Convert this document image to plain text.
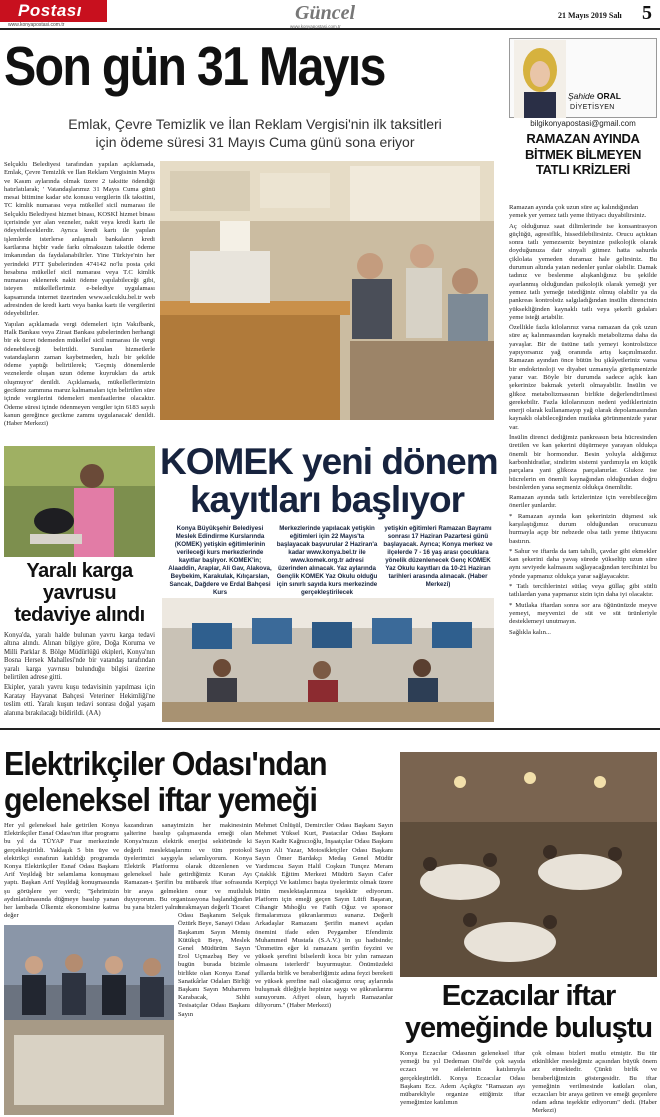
Postası
www.konyapostasi.com.tr
Güncel
www.konyapostasi.com.tr
21 Mayıs 2019 Salı 5
Son gün 31 Mayıs
Emlak, Çevre Temizlik ve İlan Reklam Vergisi'nin ilk taksitleri
için ödeme süresi 31 Mayıs Cuma günü sona eriyor

Selçuklu Belediyesi tarafından yapılan açıklamada, Emlak, Çevre Temizlik ve İlan Reklam Vergisinin Mayıs ve Kasım aylarında olmak üzere 2 taksitte ödendiği hatırlatılarak; ' Vatandaşlarımız 31 Mayıs Cuma günü mesai bitimine kadar söz konusu vergilerin ilk taksitini, TC kimlik numarası veya mükellef sicil numarası ile Selçuklu Belediyesi hizmet binası, KOSKİ hizmet binası içerisinde yer alan vezneler, nakit veya kredi kartı ile ödeyebileceklerdir. Ayrıca kredi kartı ile yapılan işlemlerde isterlerse anlaşmalı bankaların kredi kartlarına hiçbir vade farkı olmaksızın taksitle ödeme imkanından da faydalanabilirler. Yine Türkiye'nin her yerindeki PTT Şubelerinden 474142 no'lu posta çeki hesabına mükellef sicil numarası veya T.C kimlik numarası eklenerek nakit ödeme yapılabileceği gibi, isteyen mükelleflerimiz e-belediye uygulaması kapsamında internet üzerinden www.selcuklu.bel.tr web adresinden de kredi kartı veya banka kartı ile vergilerini ödeyebilirler.

Yapılan açıklamada vergi ödemeleri için Vakıfbank, Halk Bankası veya Ziraat Bankası şubelerinden herhangi bir ek ücret ödemeden mükellef sicil numarası ile vergi ödenebileceği belirtildi. Sunulan hizmetlerle vatandaşların zaman kaybetmeden, hızlı bir şekilde ödeme yaptığı belirtilerek; 'Geçmiş dönemlerde veznelerde oluşan uzun ödeme kuyrukları da artık oluşmuyor' denildi. Açıklamada, mükelleflerimizin gecikme zammına maruz kalmamaları için belirtilen süre içinde vergilerini ödemeleri menfaatlerine olacaktır. Ödeme süresi içinde ödenmeyen vergiler için 6183 sayılı kanun gereğince gecikme zammı uygulanacak' denildi. (Haber Merkezi)

KOMEK yeni dönem
kayıtları başlıyor
Konya Büyükşehir Belediyesi Meslek Edindirme Kurslarında (KOMEK) yetişkin eğitimlerinin verileceği kurs merkezlerinde kayıtlar başlıyor. KOMEK'in; Alaaddin, Araplar, Ali Gav, Alakova, Beybekim, Karakulak, Kılıçarslan, Sancak, Dağdere ve Erdal Bahçesi Kurs
Merkezlerinde yapılacak yetişkin eğitimleri için 22 Mayıs'ta başlayacak başvurular 2 Haziran'a kadar www.konya.bel.tr ile www.komek.org.tr adresi üzerinden alınacak. Yaz aylarında Gençlik KOMEK Yaz Okulu olduğu için sınırlı sayıda kurs merkezinde gerçekleştirilecek
yetişkin eğitimleri Ramazan Bayramı sonrası 17 Haziran Pazartesi günü başlayacak. Ayrıca; Konya merkez ve ilçelerde 7 - 16 yaş arası çocuklara yönelik düzenlenecek Genç KOMEK Yaz Okulu kayıtları da 10-21 Haziran tarihleri arasında alınacak. (Haber Merkezi)
Yaralı karga
yavrusu
tedaviye alındı

Konya'da, yaralı halde bulunan yavru karga tedavi altına alındı. Alınan bilgiye göre, Doğa Koruma ve Milli Parklar 8. Bölge Müdürlüğü ekipleri, Konya'nın Bosna Hersek Mahallesi'nde bir vatandaş tarafından yaralı karga yavrusu bulunduğu bilgisi üzerine belirtilen adrese gitti.

Ekipler, yaralı yavru kuşu tedavisinin yapılması için Karatay Hayvanat Bahçesi Veteriner Hekimliği'ne teslim etti. Yaralı kuşun tedavi sonrası doğal yaşam alanına bırakılacağı bildirildi. (AA)

Şahide ORAL
DİYETİSYEN
bilgikonyapostasi@gmail.com
RAMAZAN AYINDA
BİTMEK BİLMEYEN
TATLI KRİZLERİ

Ramazan ayında çok uzun süre aç kalındığından

yemek yer yemez tatlı yeme ihtiyacı duyabilirsiniz.

Aç olduğunuz saat dilimlerinde ise konsantrasyon güçlüğü, agresiflik, hissedilebilirsiniz. Orucu açtıktan sonra tatlı yemezseniz beyninize psikolojik olarak doyduğunuza dair sinyali gitmez hatta sahurda çiklolata yemeden duramaz hale gelirsiniz. Bu durumun altında yatan nedenler şunlar olabilir. Damak tadınız ve beslenme alışkanlığınız bu şekilde ayarlanmış olduğundan psikolojik olarak yemeği yer yemez tatlı yemeğe istediğiniz olmuş olabilir ya da pankreas kontrolsüz salgıladığından insülin direncinin yüksekliğinden kaynaklı tatlı veya şekerli gıdaları yeme isteği artabilir.

Özellikle fazla kilolarınız varsa ramazan da çok uzun süre aç kalınmasından kaynaklı metabolizma daha da yavaşlar. Bir de üstüne tatlı yemeyi kontrolsüzce yapıyorsanız yağ oranında artış kaçınılmazdır. Ramazan ayından önce bütün bu şikâyetleriniz varsa bir endokrinoloji ve diyabet uzmanıyla görüşmenizde yarar var. Böyle bir durumda sadece açlık kan şekerinize bakmak yeterli olmayabilir. İnsülin ve glikoz metabolizmasının birlikte değerlendirilmesi gerekebilir. Fazla kilolarınızın nedeni yediklerinizin enerji olarak kullanamayıp yağ olarak depolamasından kaynaklı olabileceğinden mutlaka görünmenizde yarar var.

İnsülin direnci dediğimiz pankreasın beta hücresinden üretilen ve kan şekerini düşürmeye yarayan oldukça önemli bir hormondur. Besin yoluyla aldığımız karbonhidratlar, sindirim sistemi yardımıyla en küçük parçalara yani glikoza parçalanırlar. Glukoz ise hücrelerin en önemli kaynağından olduğundan doğru besinlerden yana seçmeniz oldukça önemlidir.

Ramazan ayında tatlı krizlerinize için verebileceğim öneriler şunlardır.

* Ramazan ayında kan şekerinizin düşmesi sık karşılaştığımız durum olduğundan orucunuzu hurmayla açıp bir nebzede olsa tatlı yeme ihtiyacını bastırın.

* Sahur ve iftarda da tam tahıllı, çavdar gibi ekmekler kan şekerini daha yavaş sürede yükseltip uzun süre aynı seviyede kalmasını sağlayacağından tercihinizi bu yönde yapmanız oldukça yarar sağlayacaktır.

* Tatlı tercihlerinizi sütlaç veya güllaç gibi sütlü tatlılardan yana yapmanız sizin için daha iyi olacaktır.

* Mutlaka iftardan sonra sor ara öğününüzde meyve yemeyi, meyvenizi de süt ve süt ürünleriyle desteklemeyi unutmayın.

Sağlıkla kalın...

Elektrikçiler Odası'ndan
geleneksel iftar yemeği
Her yıl geleneksel hale getirilen Konya Elektrikçiler Esnaf Odası'nın iftar programı bu yıl da TÜYAP Fuar merkezinde gerçekleştirildi. Yaklaşık 5 bin üye ve elektrikçi esnafının katıldığı programda Konya Elektrikçiler Esnaf Odası Başkanı Arif Yeşildağ bir selamlama konuşması yaptı. Başkan Arif Yeşildağ konuşmasında şu görüşlere yer verdi; "Şehrimizin aydınlatılmasında düğmeye basılıp yanan her lambada Ülkemiz ekonomisine katma değer
kazandıran sanayimizin her makinesinin şalterine basılıp çalışmasında emeği olan Konya'mızın elektrik enerjisi sektöründe ki değerli meslektaşlarımı ve tüm protokol üyelerimizi saygıyla selamlıyorum. Konya Elektrik Platformu olarak düzenlenen ve geleneksel hale getirdiğimiz Kuran Ayı Ramazan-ı Şerifin bu mübarek iftar sofrasında bir araya gelmekten onur ve mutluluk duyuyorum. Bu organizasyona başlandığından bu yana bizleri yalnız
bırakmayan değerli Ticaret Odası Başkanım Selçuk Öztürk Beye, Sanayi Odası Başkanım Sayın Memiş Kütükçü Beye, Meslek Genel Müdürüm Sayın Erol Uçmazbaş Bey ve bugün burada bizimle birlikte olan Konya Esnaf Sanatkârlar Odaları Birliği Başkanı Sayın Muharrem Karabacak, Sıhhi Tesisatçılar Odası Başkanı Sayın
Mehmet Ünlüşül, Demirciler Odası Başkanı Sayın Mehmet Yüksel Kurt, Pastacılar Odası Başkanı Sayın Kadir Kağnıcıoğlu, İnşaatçılar Odası Başkanı Sayın Ali Yazar, Motosikletçiler Odası Başkanı Sayın Ömer Bardakçı Medaş Genel Müdür Yardımcısı Sayın Halil Coşkun Tunçez Meram Çıtaklık Eğitim Merkezi Müdürü Sayın Cafer Kerpiççi Ve katılımcı başta üyelerimiz olmak üzere bütün meslektaşlarımıza teşekkür ediyorum. Platform için emeği geçen Sayın Lütfi Başaran, Cihangir Mıhoğlu ve Fatih Oğuz ve sponsor firmalarımıza şükranlarımızı sunarız. Değerli Arkadaşlar Ramazanı Şerifin manevi açıdan önemini ifade eden Peygamber Efendimiz Muhammed Mustafa (S.A.V.) in şu hadisinde; 'Ümmetim eğer ki ramazanı şerifin feyzini ve yüksek şerefini bilselerdi koca bir yılın ramazan olmasını isterlerdi' buyurmuştur. Önümüzdeki yıllarda birlik ve beraberliğimiz adına feyzi bereketi ve yüksek şerefine nail olacağımız oruç aylarında buluşmak dileğiyle hepinize saygı ve şükranlarımı sunuyorum. Afiyet olsun, hayırlı Ramazanlar diliyorum." (Haber Merkezi)	Eczacılar iftar
yemeğinde buluştu
Konya Eczacılar Odasının geleneksel iftar yemeği bu yıl Dedeman Otel'de çok sayıda eczacı ve ailelerinin katılımıyla gerçekleştirildi. Konya Eczacılar Odası Başkanı Ecz. Adem Açıkgöz "Ramazan ayı mübarekliyle organize ettiğimiz iftar yemeğimize katılımın
çok olması bizleri mutlu etmiştir. Bu tür etkinlikler mesleğimiz açısından büyük önem arz etmektedir. Çünkü birlik ve beraberliğimizin göstergesidir. Bu iftar yemeğinin verilmesinde katkıları olan, eczacıları bir araya getiren ve emeği geçenlere odam adına teşekkür ediyorum" dedi. (Haber Merkezi)
